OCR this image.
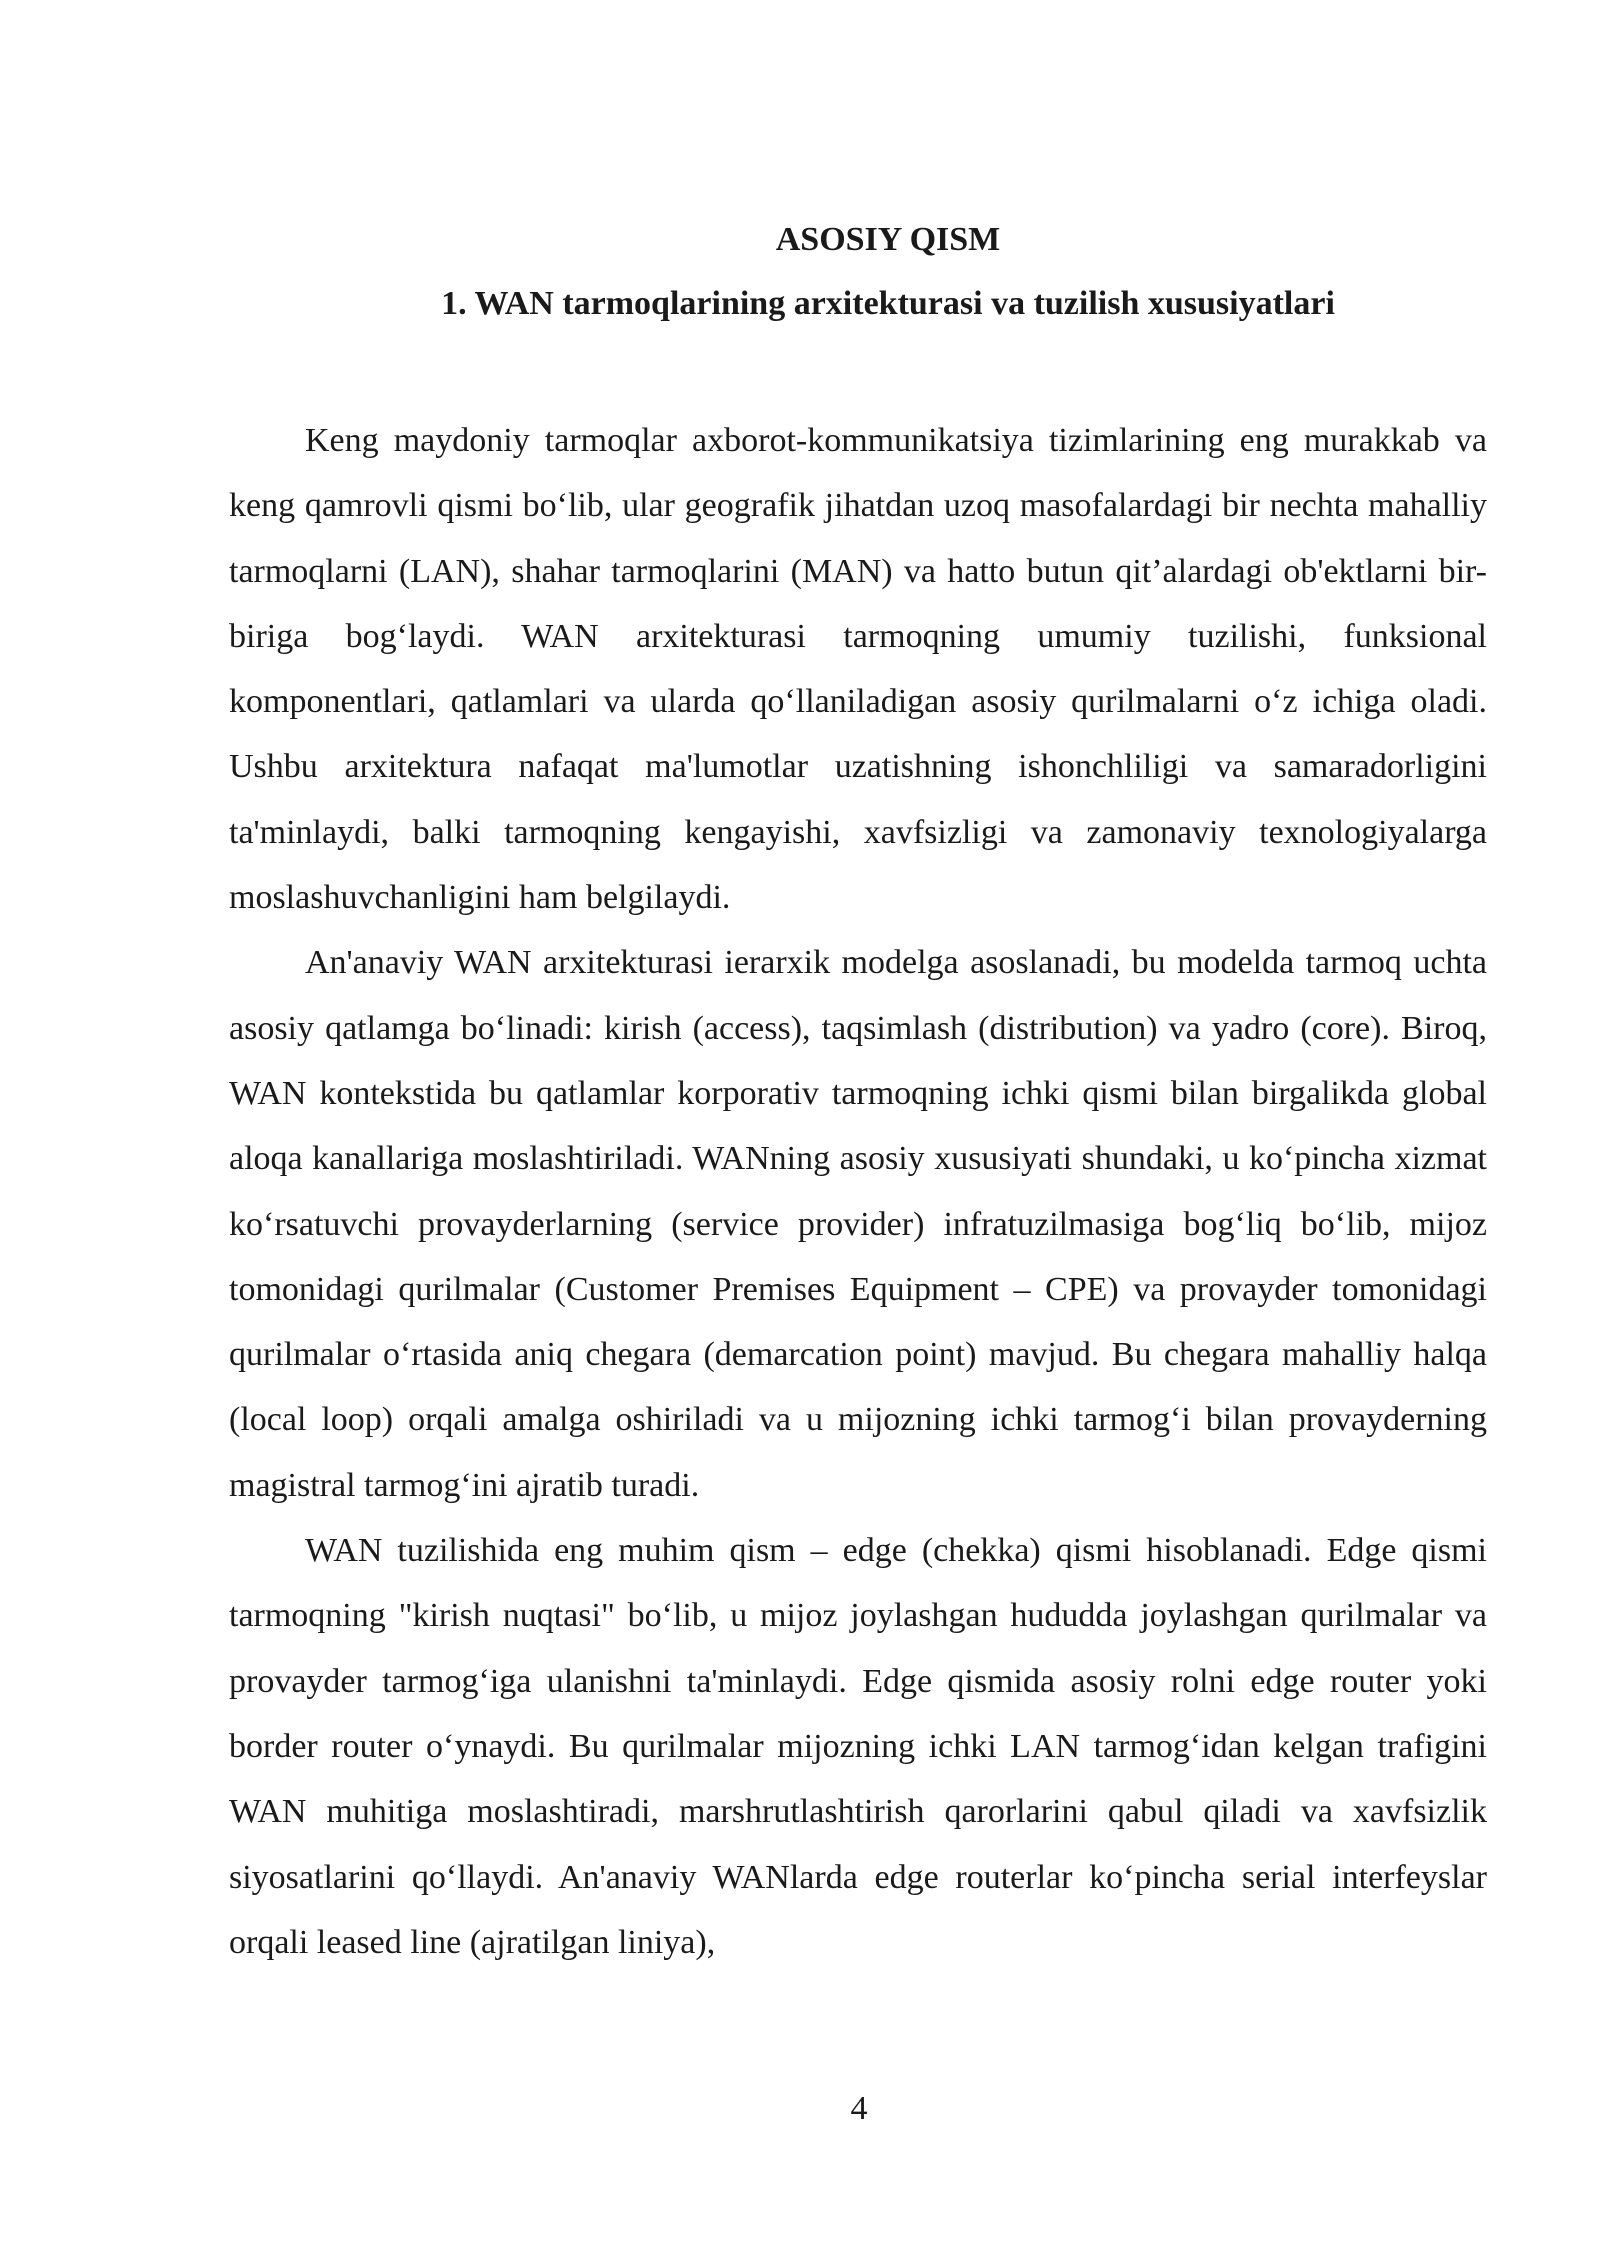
ASOSIY QISM
1. WAN tarmoqlarining arxitekturasi va tuzilish xususiyatlari

Keng maydoniy tarmoqlar axborot-kommunikatsiya tizimlarining eng murakkab va keng qamrovli qismi bo‘lib, ular geografik jihatdan uzoq masofalardagi bir nechta mahalliy tarmoqlarni (LAN), shahar tarmoqlarini (MAN) va hatto butun qit’alardagi ob'ektlarni bir-biriga bog‘laydi. WAN arxitekturasi tarmoqning umumiy tuzilishi, funksional komponentlari, qatlamlari va ularda qo‘llaniladigan asosiy qurilmalarni o‘z ichiga oladi. Ushbu arxitektura nafaqat ma'lumotlar uzatishning ishonchliligi va samaradorligini ta'minlaydi, balki tarmoqning kengayishi, xavfsizligi va zamonaviy texnologiyalarga moslashuvchanligini ham belgilaydi.

An'anaviy WAN arxitekturasi ierarxik modelga asoslanadi, bu modelda tarmoq uchta asosiy qatlamga bo‘linadi: kirish (access), taqsimlash (distribution) va yadro (core). Biroq, WAN kontekstida bu qatlamlar korporativ tarmoqning ichki qismi bilan birgalikda global aloqa kanallariga moslashtiriladi. WANning asosiy xususiyati shundaki, u ko‘pincha xizmat ko‘rsatuvchi provayderlarning (service provider) infratuzilmasiga bog‘liq bo‘lib, mijoz tomonidagi qurilmalar (Customer Premises Equipment – CPE) va provayder tomonidagi qurilmalar o‘rtasida aniq chegara (demarcation point) mavjud. Bu chegara mahalliy halqa (local loop) orqali amalga oshiriladi va u mijozning ichki tarmog‘i bilan provayderning magistral tarmog‘ini ajratib turadi.

WAN tuzilishida eng muhim qism – edge (chekka) qismi hisoblanadi. Edge qismi tarmoqning "kirish nuqtasi" bo‘lib, u mijoz joylashgan hududda joylashgan qurilmalar va provayder tarmog‘iga ulanishni ta'minlaydi. Edge qismida asosiy rolni edge router yoki border router o‘ynaydi. Bu qurilmalar mijozning ichki LAN tarmog‘idan kelgan trafigini WAN muhitiga moslashtiradi, marshrutlashtirish qarorlarini qabul qiladi va xavfsizlik siyosatlarini qo‘llaydi. An'anaviy WANlarda edge routerlar ko‘pincha serial interfeyslar orqali leased line (ajratilgan liniya),

4
